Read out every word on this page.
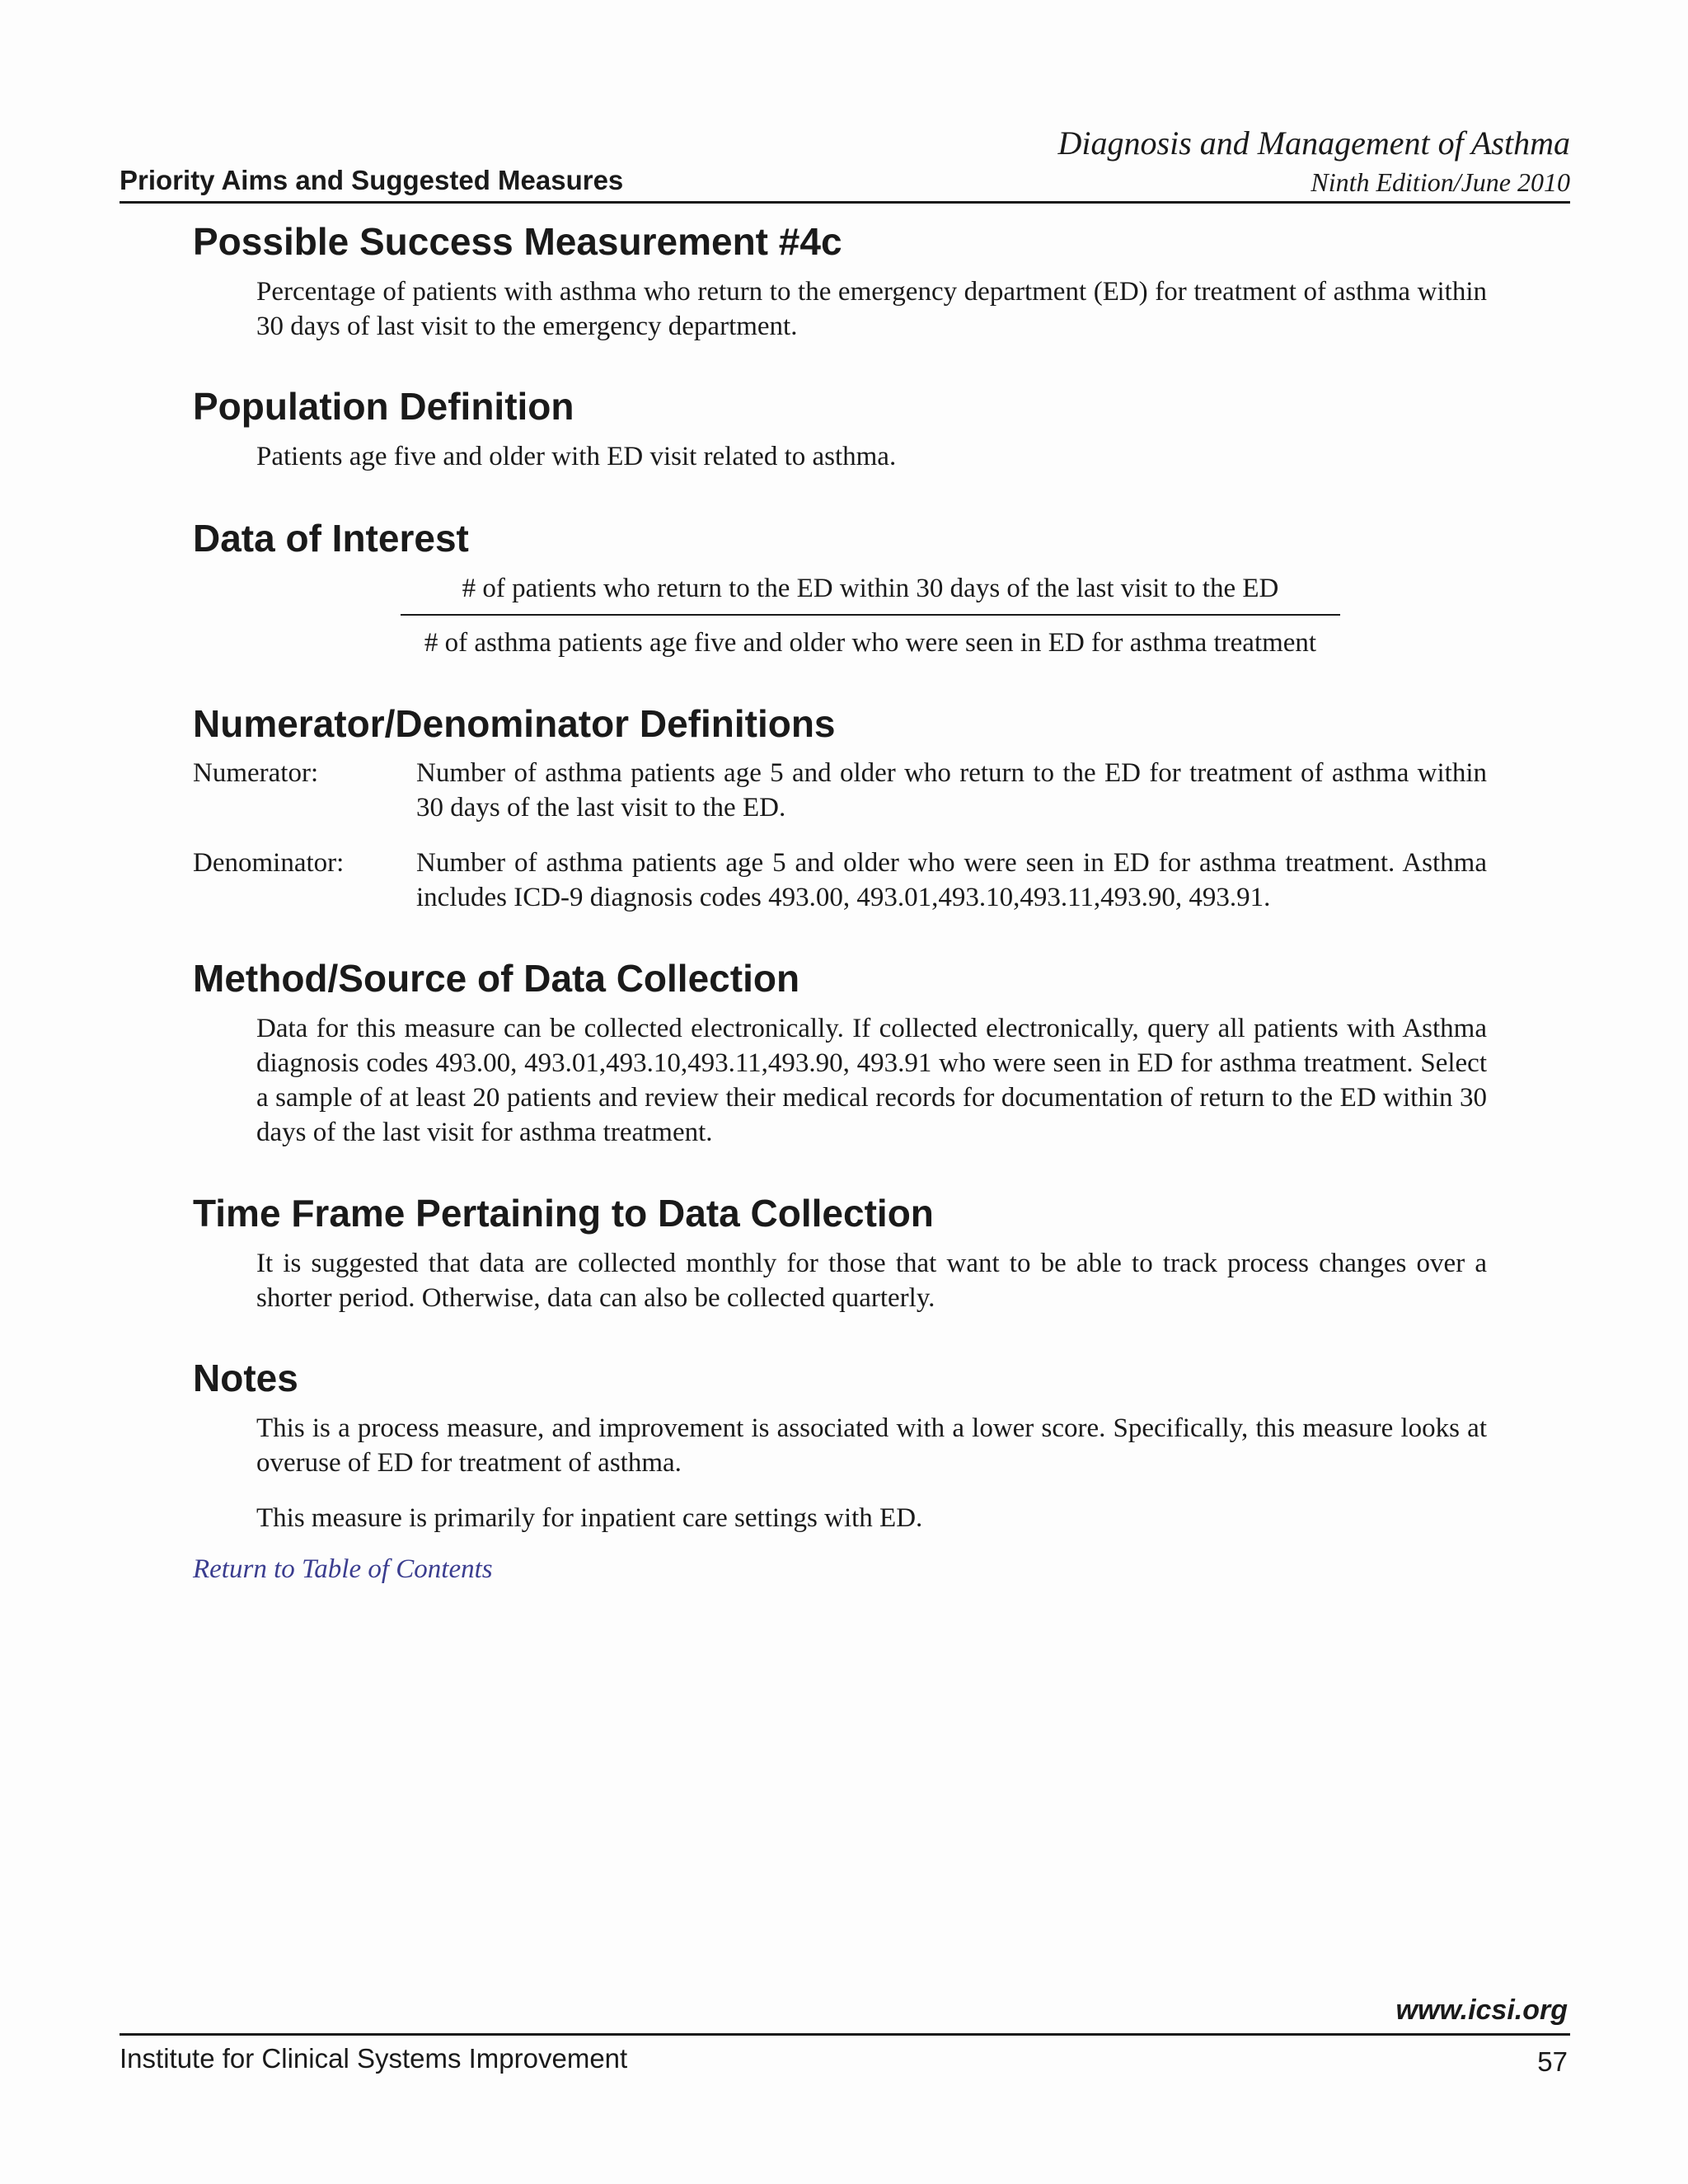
Diagnosis and Management of Asthma
Priority Aims and Suggested Measures	Ninth Edition/June 2010
Possible Success Measurement #4c
Percentage of patients with asthma who return to the emergency department (ED) for treatment of asthma within 30 days of last visit to the emergency department.
Population Definition
Patients age five and older with ED visit related to asthma.
Data of Interest
# of patients who return to the ED within 30 days of the last visit to the ED
# of asthma patients age five and older who were seen in ED for asthma treatment
Numerator/Denominator Definitions
Numerator:	Number of asthma patients age 5 and older who return to the ED for treatment of asthma within 30 days of the last visit to the ED.
Denominator:	Number of asthma patients age 5 and older who were seen in ED for asthma treatment. Asthma includes ICD-9 diagnosis codes 493.00, 493.01,493.10,493.11,493.90, 493.91.
Method/Source of Data Collection
Data for this measure can be collected electronically. If collected electronically, query all patients with Asthma diagnosis codes 493.00, 493.01,493.10,493.11,493.90, 493.91 who were seen in ED for asthma treatment. Select a sample of at least 20 patients and review their medical records for documentation of return to the ED within 30 days of the last visit for asthma treatment.
Time Frame Pertaining to Data Collection
It is suggested that data are collected monthly for those that want to be able to track process changes over a shorter period. Otherwise, data can also be collected quarterly.
Notes
This is a process measure, and improvement is associated with a lower score. Specifically, this measure looks at overuse of ED for treatment of asthma.
This measure is primarily for inpatient care settings with ED.
Return to Table of Contents
www.icsi.org
Institute for Clinical Systems Improvement	57
